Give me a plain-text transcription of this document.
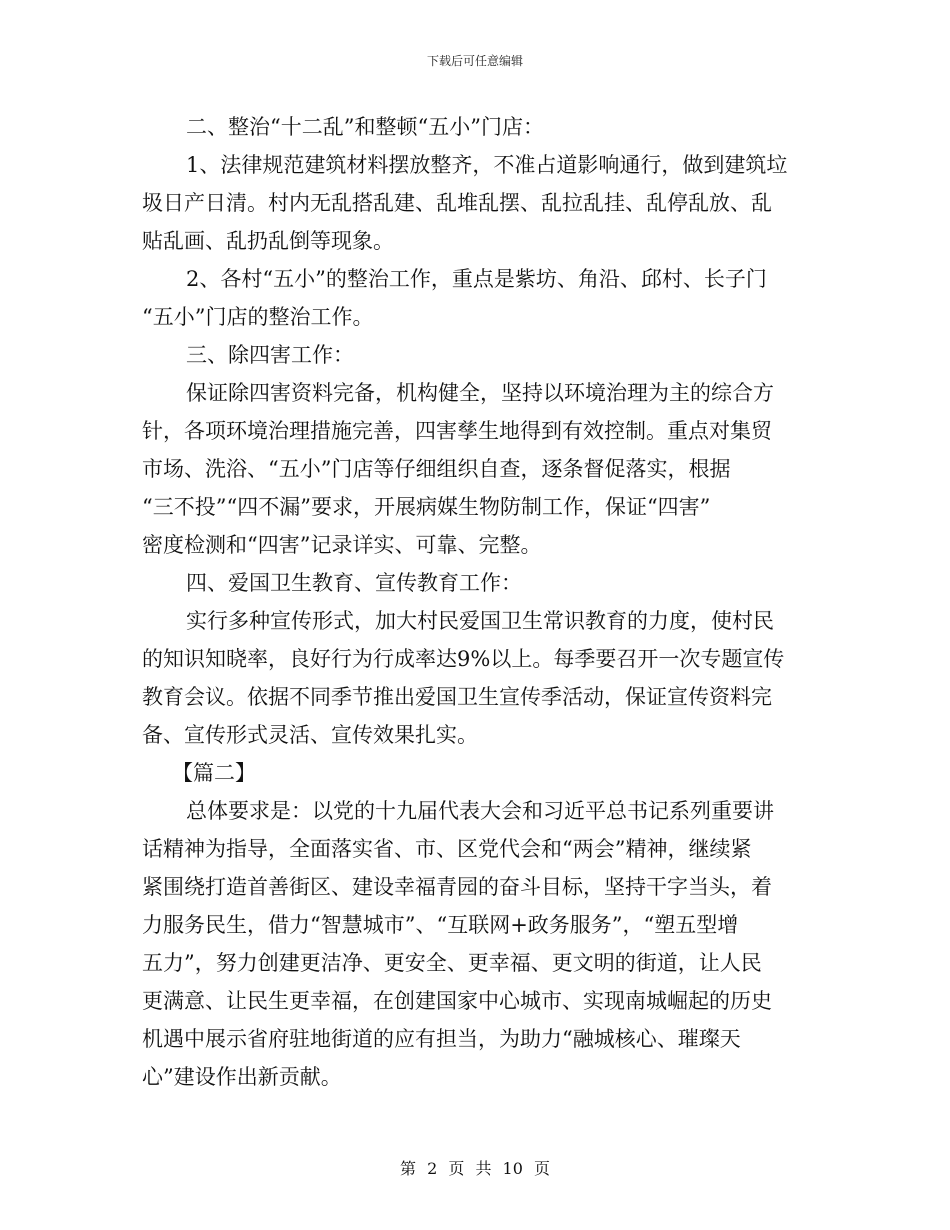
下载后可任意编辑
二、整治“十二乱”和整顿“五小”门店：
1、法律规范建筑材料摆放整齐，不准占道影响通行，做到建筑垃
圾日产日清。村内无乱搭乱建、乱堆乱摆、乱拉乱挂、乱停乱放、乱
贴乱画、乱扔乱倒等现象。
2、各村“五小”的整治工作，重点是紫坊、角沿、邱村、长子门
“五小”门店的整治工作。
三、除四害工作：
保证除四害资料完备，机构健全，坚持以环境治理为主的综合方
针，各项环境治理措施完善，四害孳生地得到有效控制。重点对集贸
市场、洗浴、“五小”门店等仔细组织自查，逐条督促落实，根据
“三不投”“四不漏”要求，开展病媒生物防制工作，保证“四害”
密度检测和“四害”记录详实、可靠、完整。
四、爱国卫生教育、宣传教育工作：
实行多种宣传形式，加大村民爱国卫生常识教育的力度，使村民
的知识知晓率，良好行为行成率达9%以上。每季要召开一次专题宣传
教育会议。依据不同季节推出爱国卫生宣传季活动，保证宣传资料完
备、宣传形式灵活、宣传效果扎实。
【篇二】
总体要求是：以党的十九届代表大会和习近平总书记系列重要讲
话精神为指导，全面落实省、市、区党代会和“两会”精神，继续紧
紧围绕打造首善街区、建设幸福青园的奋斗目标，坚持干字当头，着
力服务民生，借力“智慧城市”、“互联网+政务服务”，“塑五型增
五力”，努力创建更洁净、更安全、更幸福、更文明的街道，让人民
更满意、让民生更幸福，在创建国家中心城市、实现南城崛起的历史
机遇中展示省府驻地街道的应有担当，为助力“融城核心、璀璨天
心”建设作出新贡献。
第 2 页 共 10 页
